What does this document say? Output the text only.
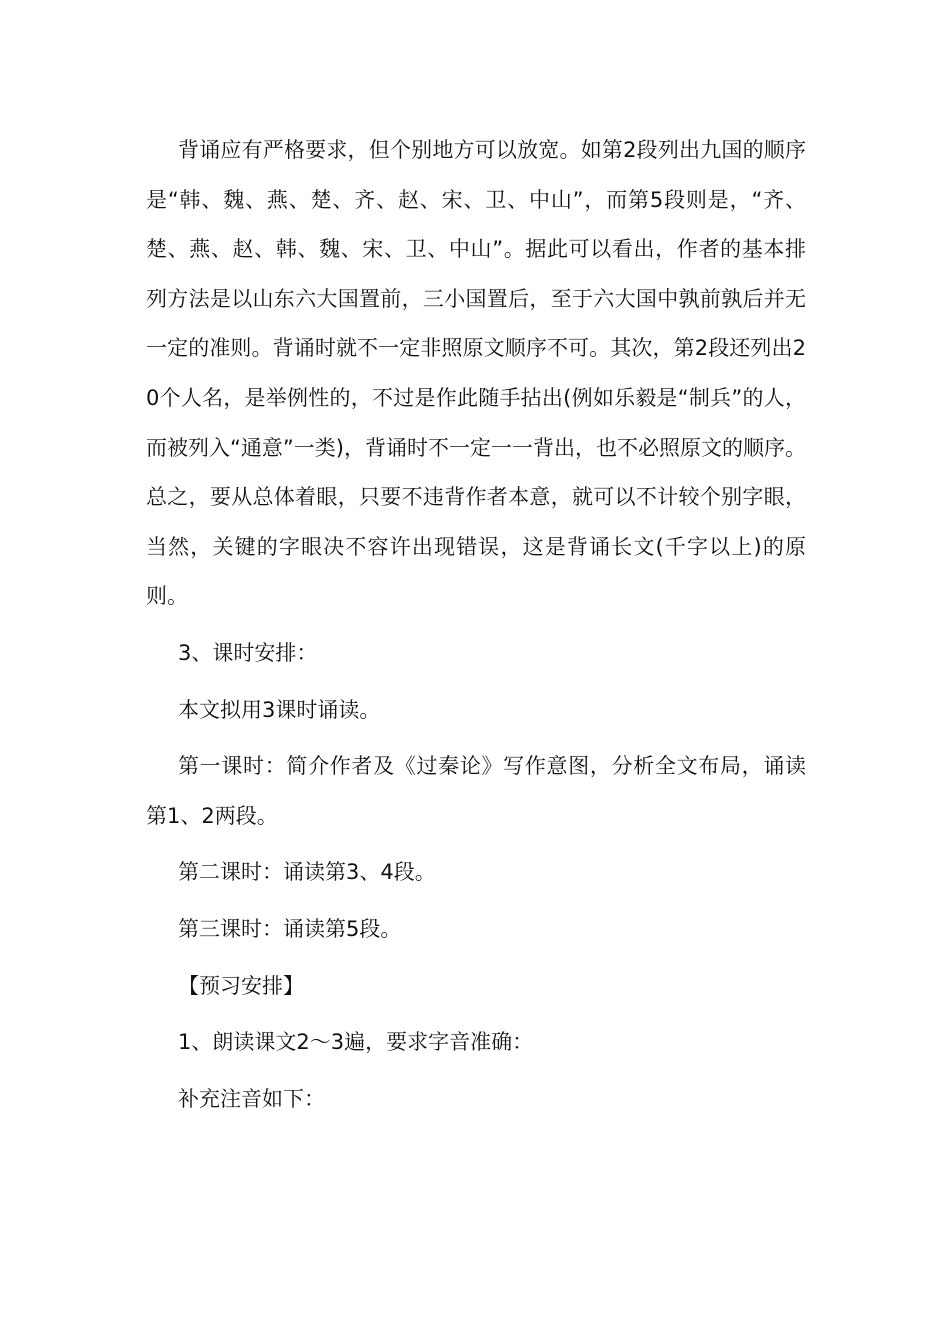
背诵应有严格要求，但个别地方可以放宽。如第2段列出九国的顺序是“韩、魏、燕、楚、齐、赵、宋、卫、中山”，而第5段则是，“齐、楚、燕、赵、韩、魏、宋、卫、中山”。据此可以看出，作者的基本排列方法是以山东六大国置前，三小国置后，至于六大国中孰前孰后并无一定的准则。背诵时就不一定非照原文顺序不可。其次，第2段还列出20个人名，是举例性的，不过是作此随手拈出(例如乐毅是“制兵”的人，而被列入“通意”一类)，背诵时不一定一一背出，也不必照原文的顺序。总之，要从总体着眼，只要不违背作者本意，就可以不计较个别字眼，当然，关键的字眼决不容许出现错误，这是背诵长文(千字以上)的原则。

3、课时安排：

本文拟用3课时诵读。

第一课时：简介作者及《过秦论》写作意图，分析全文布局，诵读第1、2两段。

第二课时：诵读第3、4段。

第三课时：诵读第5段。

【预习安排】

1、朗读课文2～3遍，要求字音准确：

补充注音如下：
